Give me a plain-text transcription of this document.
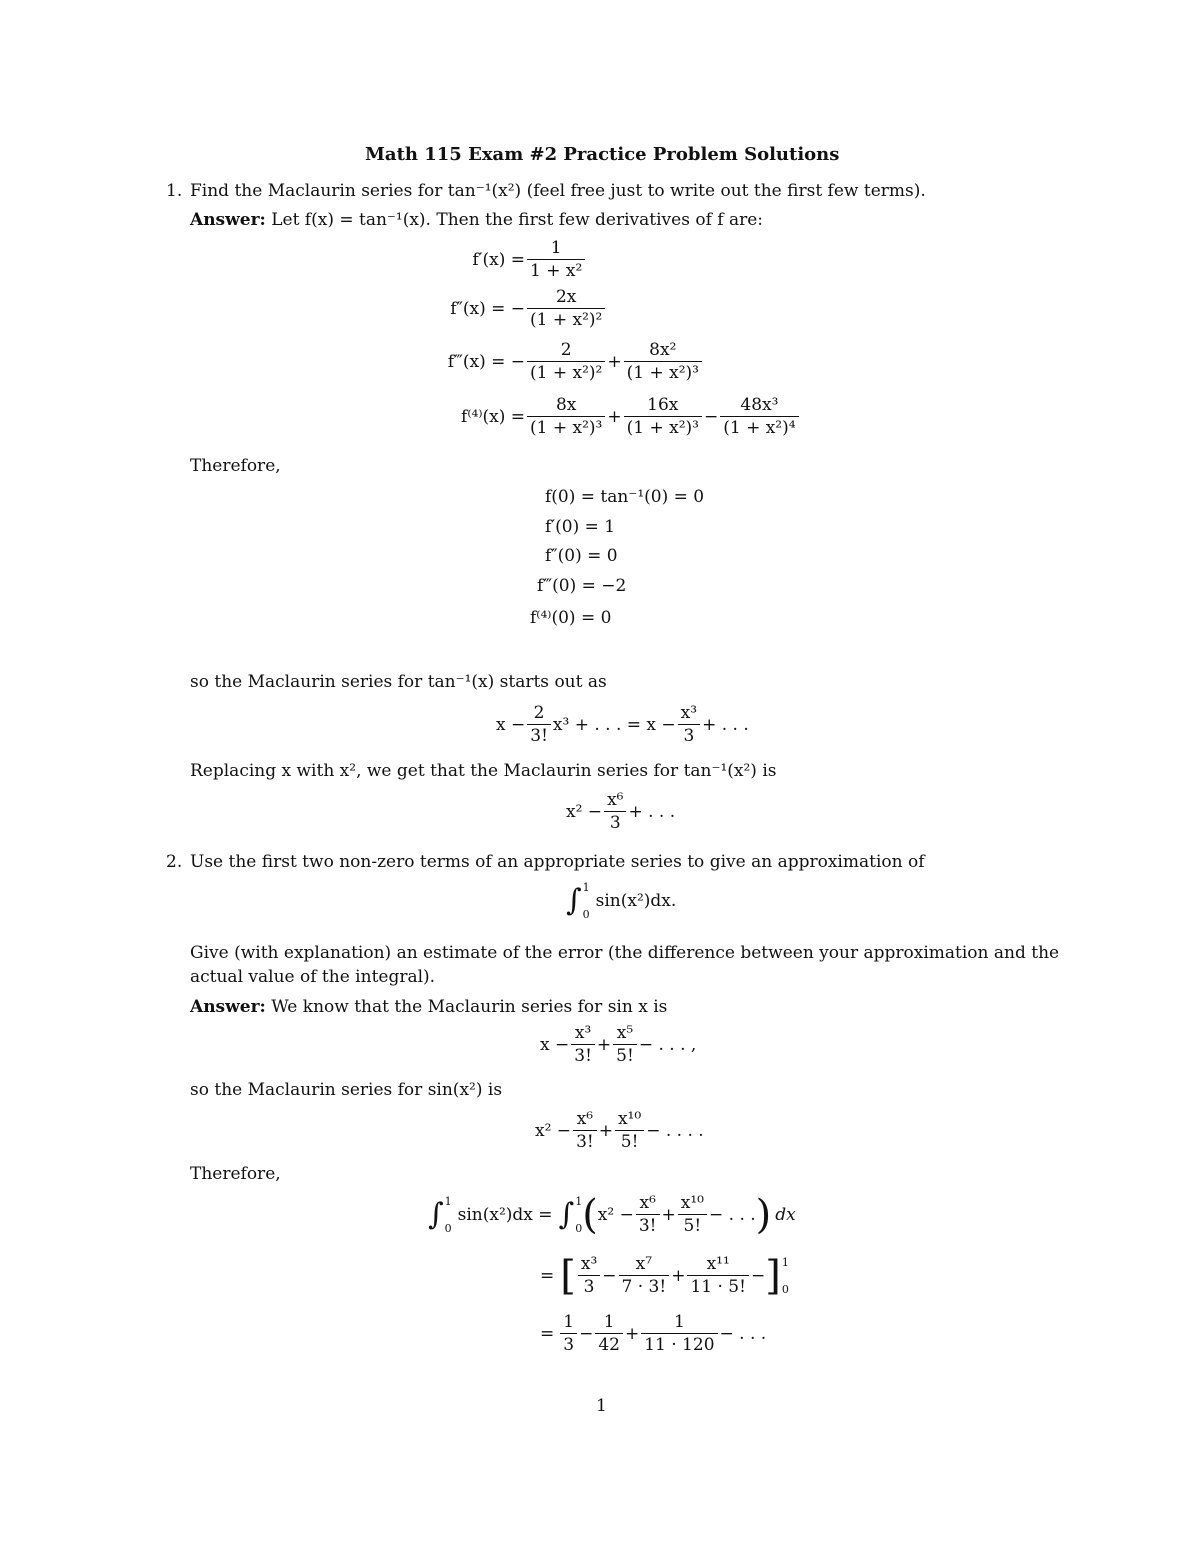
Math 115 Exam #2 Practice Problem Solutions
1. Find the Maclaurin series for tan⁻¹(x²) (feel free just to write out the first few terms).
Answer: Let f(x) = tan⁻¹(x). Then the first few derivatives of f are:
$f'(x) = \frac{1}{\text{1 + x²}}$
f″(x) = − $\frac{2x}{\text{(1 + x²)²}}$
f‴(x) = − $\frac{2}{\text{(1 + x²)²}} + \frac{\text{8x²}}{\text{(1 + x²)³}}$
$f^{(4)}(x) = \frac{8x}{\text{(1 + x²)³}} + \frac{16x}{\text{(1 + x²)³}} - \frac{\text{48x³}}{\text{(1 + x²)⁴}}$
Therefore,
f(0) = tan⁻¹(0) = 0
f′(0) = 1
f″(0) = 0
f‴(0) = −2
f⁽⁴⁾(0) = 0
so the Maclaurin series for tan⁻¹(x) starts out as
$x - \frac{2}{3!} x^3$ + . . . = $x - \frac{\text{x³}}{3}$ + . . .
Replacing x with x², we get that the Maclaurin series for tan⁻¹(x²) is
$x^2 - \frac{\text{x⁶}}{3}$ + . . .
2. Use the first two non-zero terms of an appropriate series to give an approximation of
∫ 1
0
sin(x²)dx.
Give (with explanation) an estimate of the error (the difference between your approximation and the
actual value of the integral).
Answer: We know that the Maclaurin series for sin x is
$x - \frac{\text{x³}}{3!} + \frac{\text{x⁵}}{5!}$ − . . . ,
so the Maclaurin series for sin(x²) is
$x^2 - \frac{\text{x⁶}}{3!} + \frac{\text{x¹⁰}}{5!}$ − . . . .
Therefore,
∫ 1
0
sin(x²)dx = ∫ 1
0 ( $x^2 - \frac{\text{x⁶}}{3!} + \frac{\text{x¹⁰}}{5!}$ − . . . ) dx
= [ $\frac{\text{x³}}{3} - \frac{\text{x⁷}}{7 \cdot 3!} + \frac{\text{x¹¹}}{11 \cdot 5!}$ − ] 1
0
= $\frac{1}{3} - \frac{1}{42} + \frac{1}{11 \cdot 120}$ − . . .
1
